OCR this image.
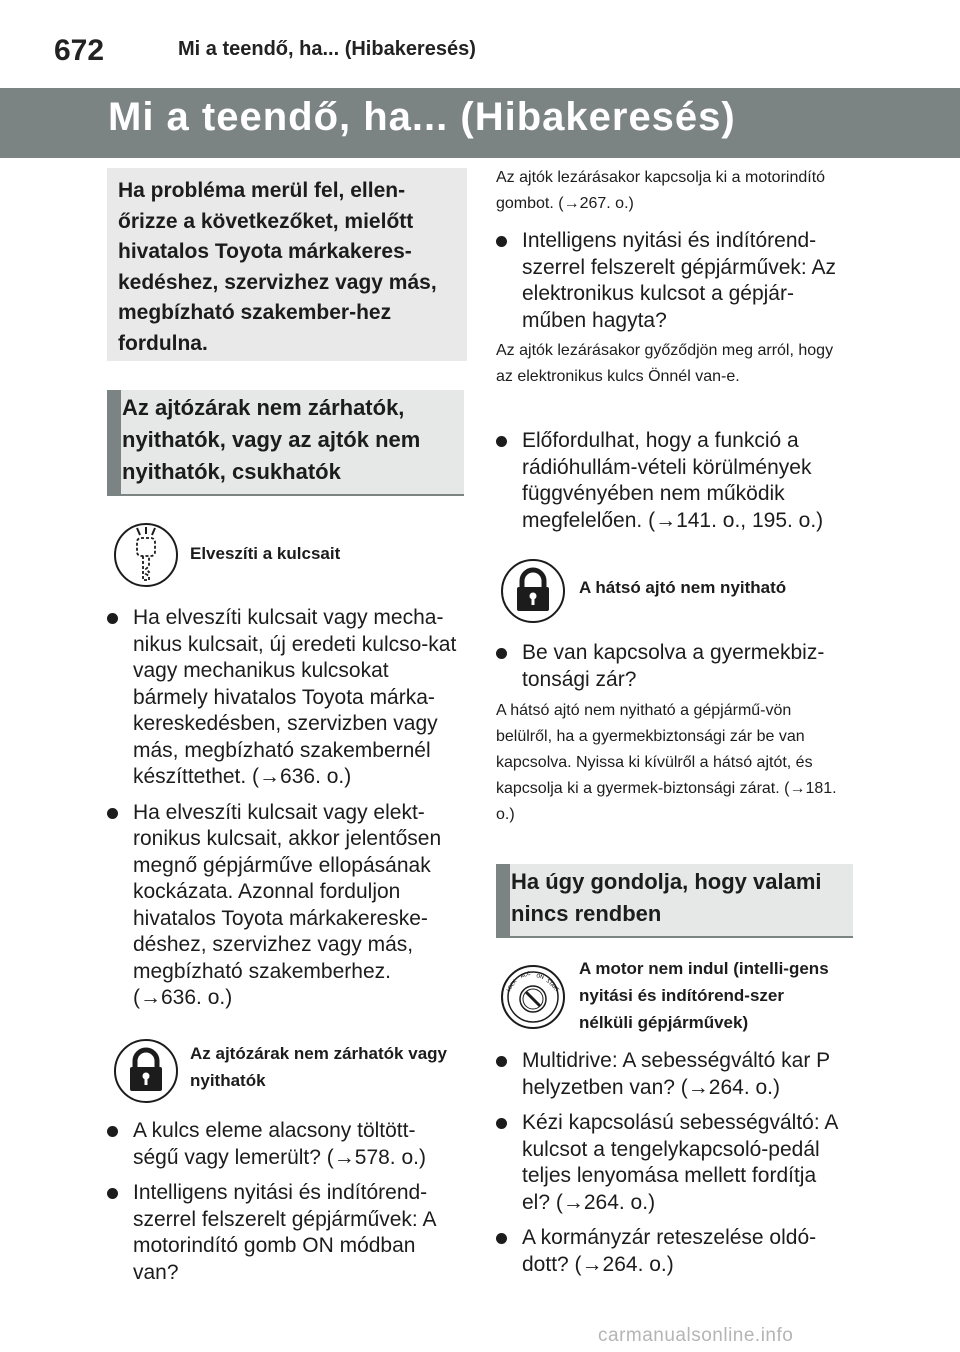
672	Mi a teendő, ha... (Hibakeresés)
Mi a teendő, ha... (Hibakeresés)
Ha probléma merül fel, ellen-őrizze a következőket, mielőtt hivatalos Toyota márkakeres-kedéshez, szervizhez vagy más, megbízható szakember-hez fordulna.
Az ajtózárak nem zárhatók, nyithatók, vagy az ajtók nem nyithatók, csukhatók
Elveszíti a kulcsait
Ha elveszíti kulcsait vagy mecha-nikus kulcsait, új eredeti kulcso-kat vagy mechanikus kulcsokat bármely hivatalos Toyota márka-kereskedésben, szervizben vagy más, megbízható szakembernél készíttethet. (→636. o.)
Ha elveszíti kulcsait vagy elekt-ronikus kulcsait, akkor jelentősen megnő gépjárműve ellopásának kockázata. Azonnal forduljon hivatalos Toyota márkakereske-déshez, szervizhez vagy más, megbízható szakemberhez. (→636. o.)
Az ajtózárak nem zárhatók vagy nyithatók
A kulcs eleme alacsony töltött-ségű vagy lemerült? (→578. o.)
Intelligens nyitási és indítórend-szerrel felszerelt gépjárművek: A motorindító gomb ON módban van?
Az ajtók lezárásakor kapcsolja ki a motorindító gombot. (→267. o.)
Intelligens nyitási és indítórend-szerrel felszerelt gépjárművek: Az elektronikus kulcsot a gépjár-műben hagyta?
Az ajtók lezárásakor győződjön meg arról, hogy az elektronikus kulcs Önnél van-e.
Előfordulhat, hogy a funkció a rádióhullám-vételi körülmények függvényében nem működik megfelelően. (→141. o., 195. o.)
A hátsó ajtó nem nyitható
Be van kapcsolva a gyermekbiz-tonsági zár?
A hátsó ajtó nem nyitható a gépjármű-vön belülről, ha a gyermekbiztonsági zár be van kapcsolva. Nyissa ki kívülről a hátsó ajtót, és kapcsolja ki a gyermek-biztonsági zárat. (→181. o.)
Ha úgy gondolja, hogy valami nincs rendben
LOCK
ACC ON
START
A motor nem indul (intelli-gens nyitási és indítórend-szer nélküli gépjárművek)
Multidrive: A sebességváltó kar P helyzetben van? (→264. o.)
Kézi kapcsolású sebességváltó: A kulcsot a tengelykapcsoló-pedál teljes lenyomása mellett fordítja el? (→264. o.)
A kormányzár reteszelése oldó-dott? (→264. o.)
carmanualsonline.info
